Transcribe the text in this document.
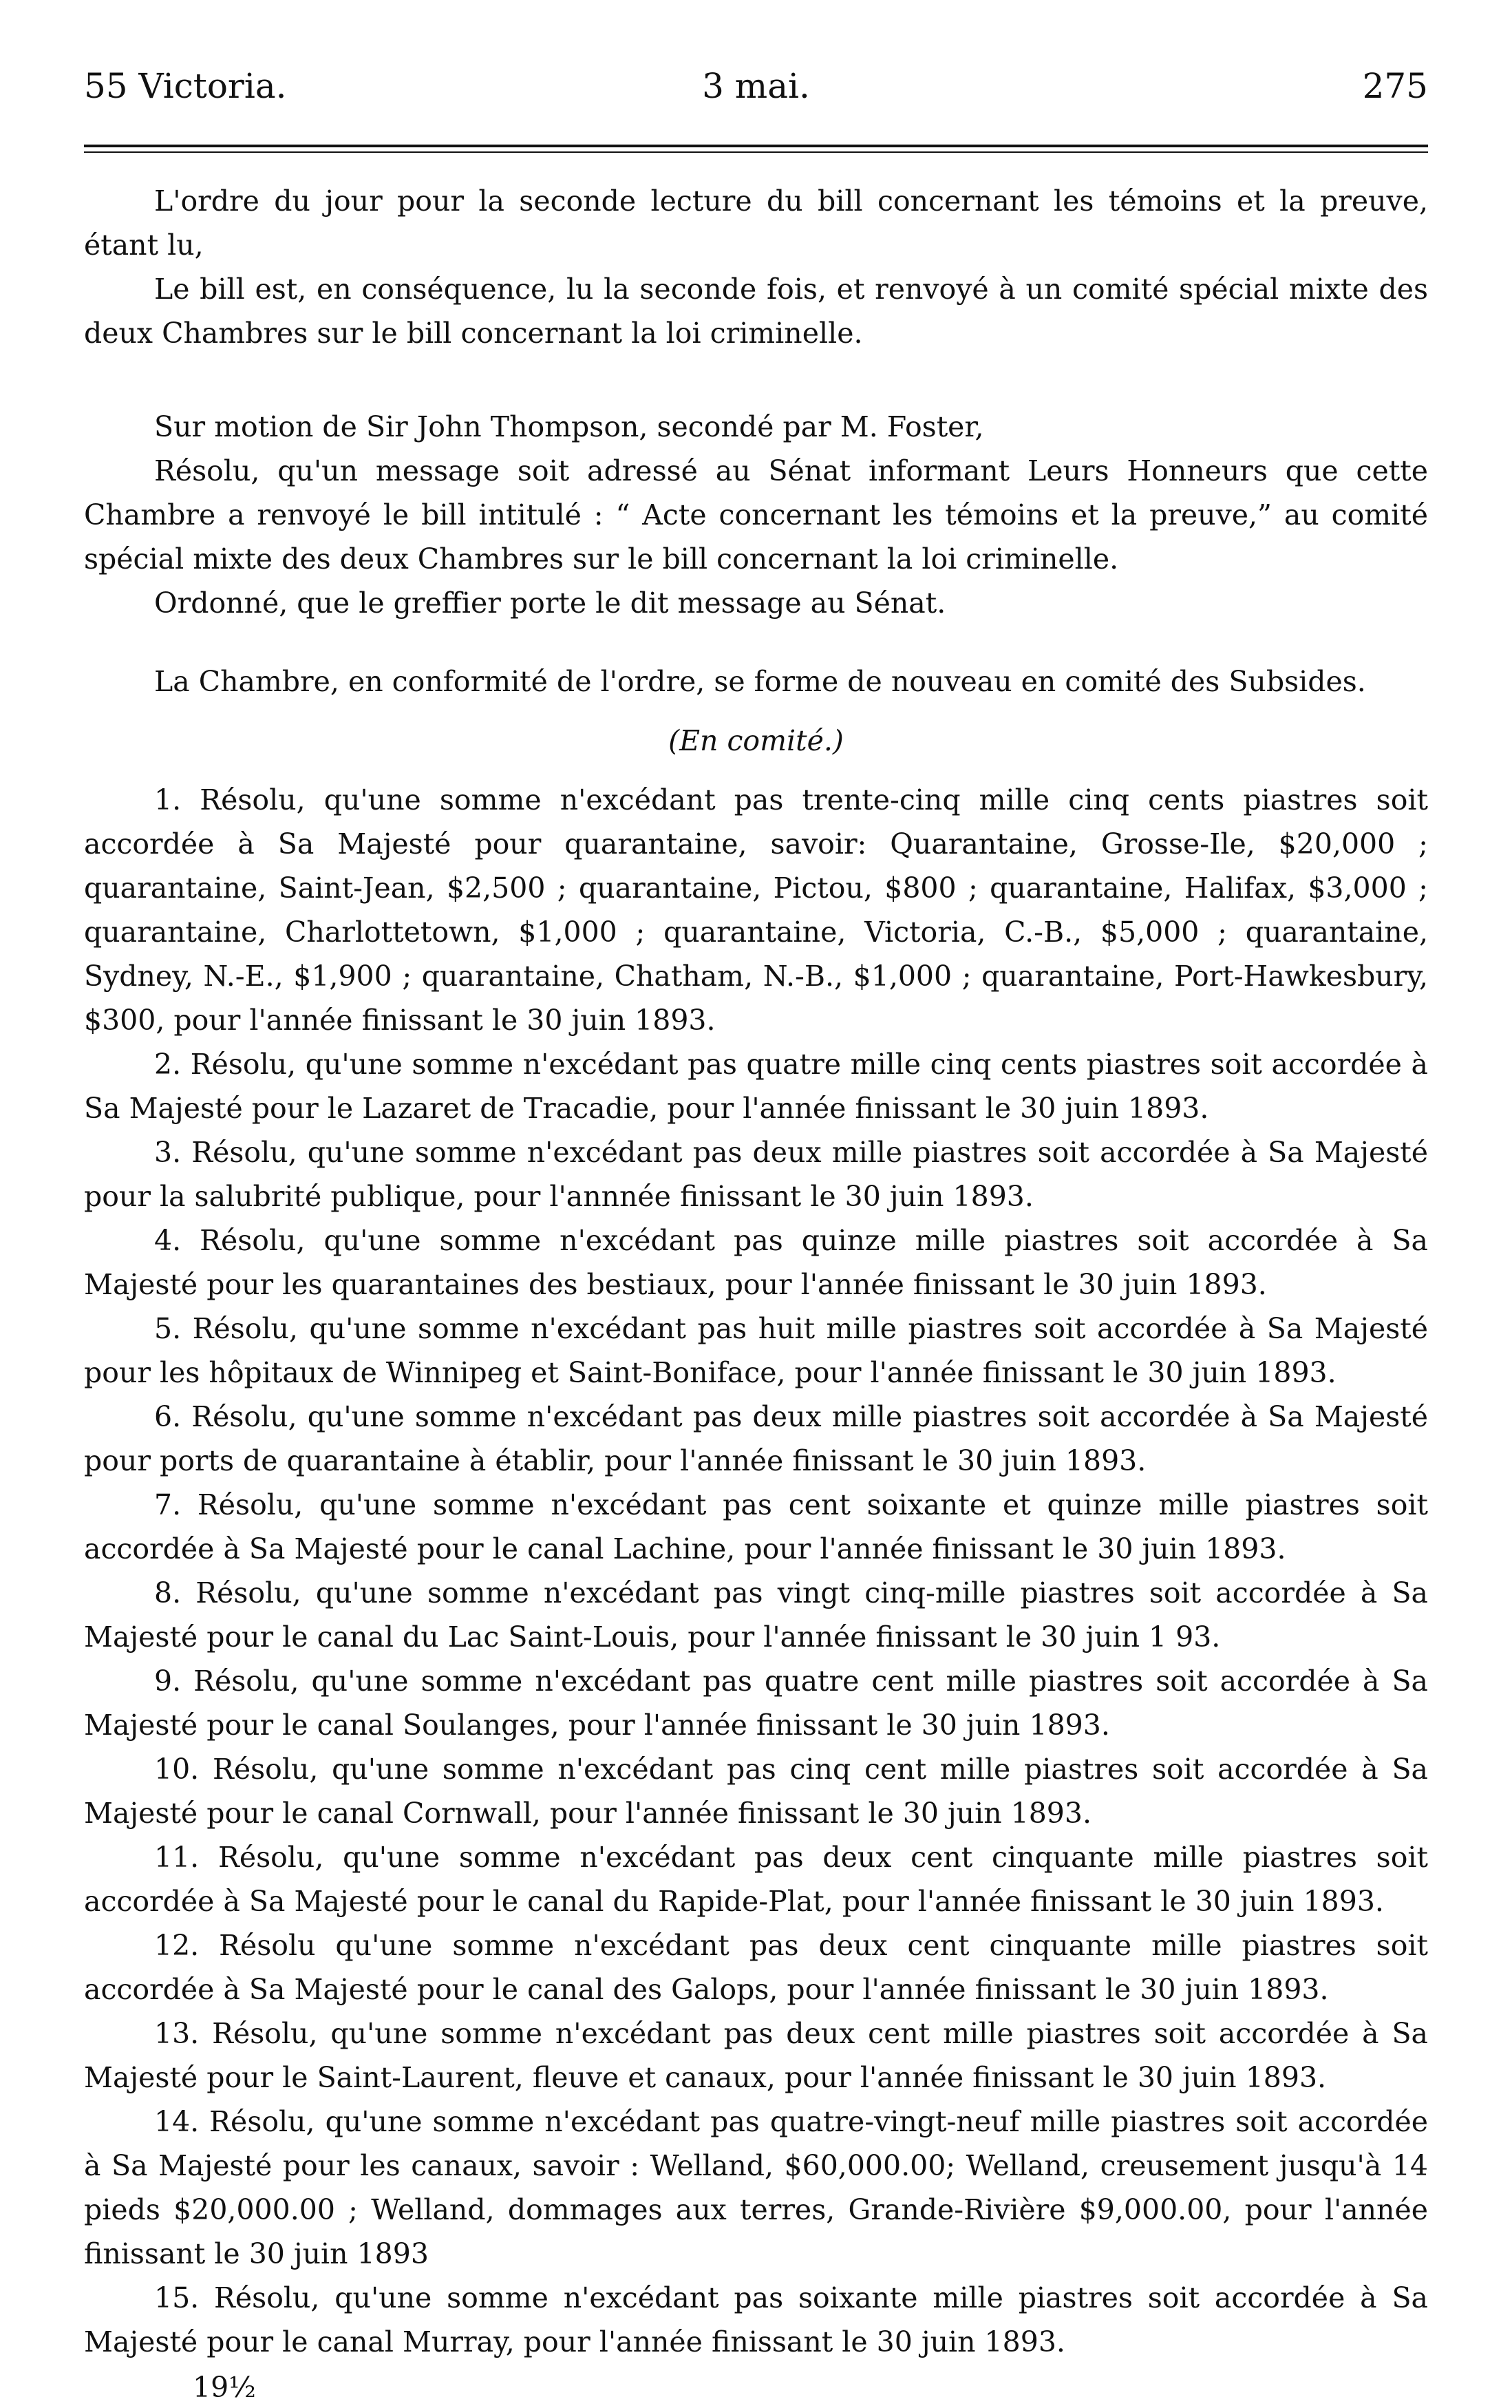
55 Victoria.	3 mai.	275

L'ordre du jour pour la seconde lecture du bill concernant les témoins et la preuve, étant lu,

Le bill est, en conséquence, lu la seconde fois, et renvoyé à un comité spécial mixte des deux Chambres sur le bill concernant la loi criminelle.

Sur motion de Sir John Thompson, secondé par M. Foster,

Résolu, qu'un message soit adressé au Sénat informant Leurs Honneurs que cette Chambre a renvoyé le bill intitulé : “ Acte concernant les témoins et la preuve,” au comité spécial mixte des deux Chambres sur le bill concernant la loi criminelle.

Ordonné, que le greffier porte le dit message au Sénat.

La Chambre, en conformité de l'ordre, se forme de nouveau en comité des Subsides.

(En comité.)

1. Résolu, qu'une somme n'excédant pas trente-cinq mille cinq cents piastres soit accordée à Sa Majesté pour quarantaine, savoir: Quarantaine, Grosse-Ile, $20,000 ; quarantaine, Saint-Jean, $2,500 ; quarantaine, Pictou, $800 ; quarantaine, Halifax, $3,000 ; quarantaine, Charlottetown, $1,000 ; quarantaine, Victoria, C.-B., $5,000 ; quarantaine, Sydney, N.-E., $1,900 ; quarantaine, Chatham, N.-B., $1,000 ; quarantaine, Port-Hawkesbury, $300, pour l'année finissant le 30 juin 1893.

2. Résolu, qu'une somme n'excédant pas quatre mille cinq cents piastres soit accordée à Sa Majesté pour le Lazaret de Tracadie, pour l'année finissant le 30 juin 1893.

3. Résolu, qu'une somme n'excédant pas deux mille piastres soit accordée à Sa Majesté pour la salubrité publique, pour l'annnée finissant le 30 juin 1893.

4. Résolu, qu'une somme n'excédant pas quinze mille piastres soit accordée à Sa Majesté pour les quarantaines des bestiaux, pour l'année finissant le 30 juin 1893.

5. Résolu, qu'une somme n'excédant pas huit mille piastres soit accordée à Sa Majesté pour les hôpitaux de Winnipeg et Saint-Boniface, pour l'année finissant le 30 juin 1893.

6. Résolu, qu'une somme n'excédant pas deux mille piastres soit accordée à Sa Majesté pour ports de quarantaine à établir, pour l'année finissant le 30 juin 1893.

7. Résolu, qu'une somme n'excédant pas cent soixante et quinze mille piastres soit accordée à Sa Majesté pour le canal Lachine, pour l'année finissant le 30 juin 1893.

8. Résolu, qu'une somme n'excédant pas vingt cinq-mille piastres soit accordée à Sa Majesté pour le canal du Lac Saint-Louis, pour l'année finissant le 30 juin 1 93.

9. Résolu, qu'une somme n'excédant pas quatre cent mille piastres soit accordée à Sa Majesté pour le canal Soulanges, pour l'année finissant le 30 juin 1893.

10. Résolu, qu'une somme n'excédant pas cinq cent mille piastres soit accordée à Sa Majesté pour le canal Cornwall, pour l'année finissant le 30 juin 1893.

11. Résolu, qu'une somme n'excédant pas deux cent cinquante mille piastres soit accordée à Sa Majesté pour le canal du Rapide-Plat, pour l'année finissant le 30 juin 1893.

12. Résolu qu'une somme n'excédant pas deux cent cinquante mille piastres soit accordée à Sa Majesté pour le canal des Galops, pour l'année finissant le 30 juin 1893.

13. Résolu, qu'une somme n'excédant pas deux cent mille piastres soit accordée à Sa Majesté pour le Saint-Laurent, fleuve et canaux, pour l'année finissant le 30 juin 1893.

14. Résolu, qu'une somme n'excédant pas quatre-vingt-neuf mille piastres soit accordée à Sa Majesté pour les canaux, savoir : Welland, $60,000.00; Welland, creusement jusqu'à 14 pieds $20,000.00 ; Welland, dommages aux terres, Grande-Rivière $9,000.00, pour l'année finissant le 30 juin 1893

15. Résolu, qu'une somme n'excédant pas soixante mille piastres soit accordée à Sa Majesté pour le canal Murray, pour l'année finissant le 30 juin 1893.

19½
